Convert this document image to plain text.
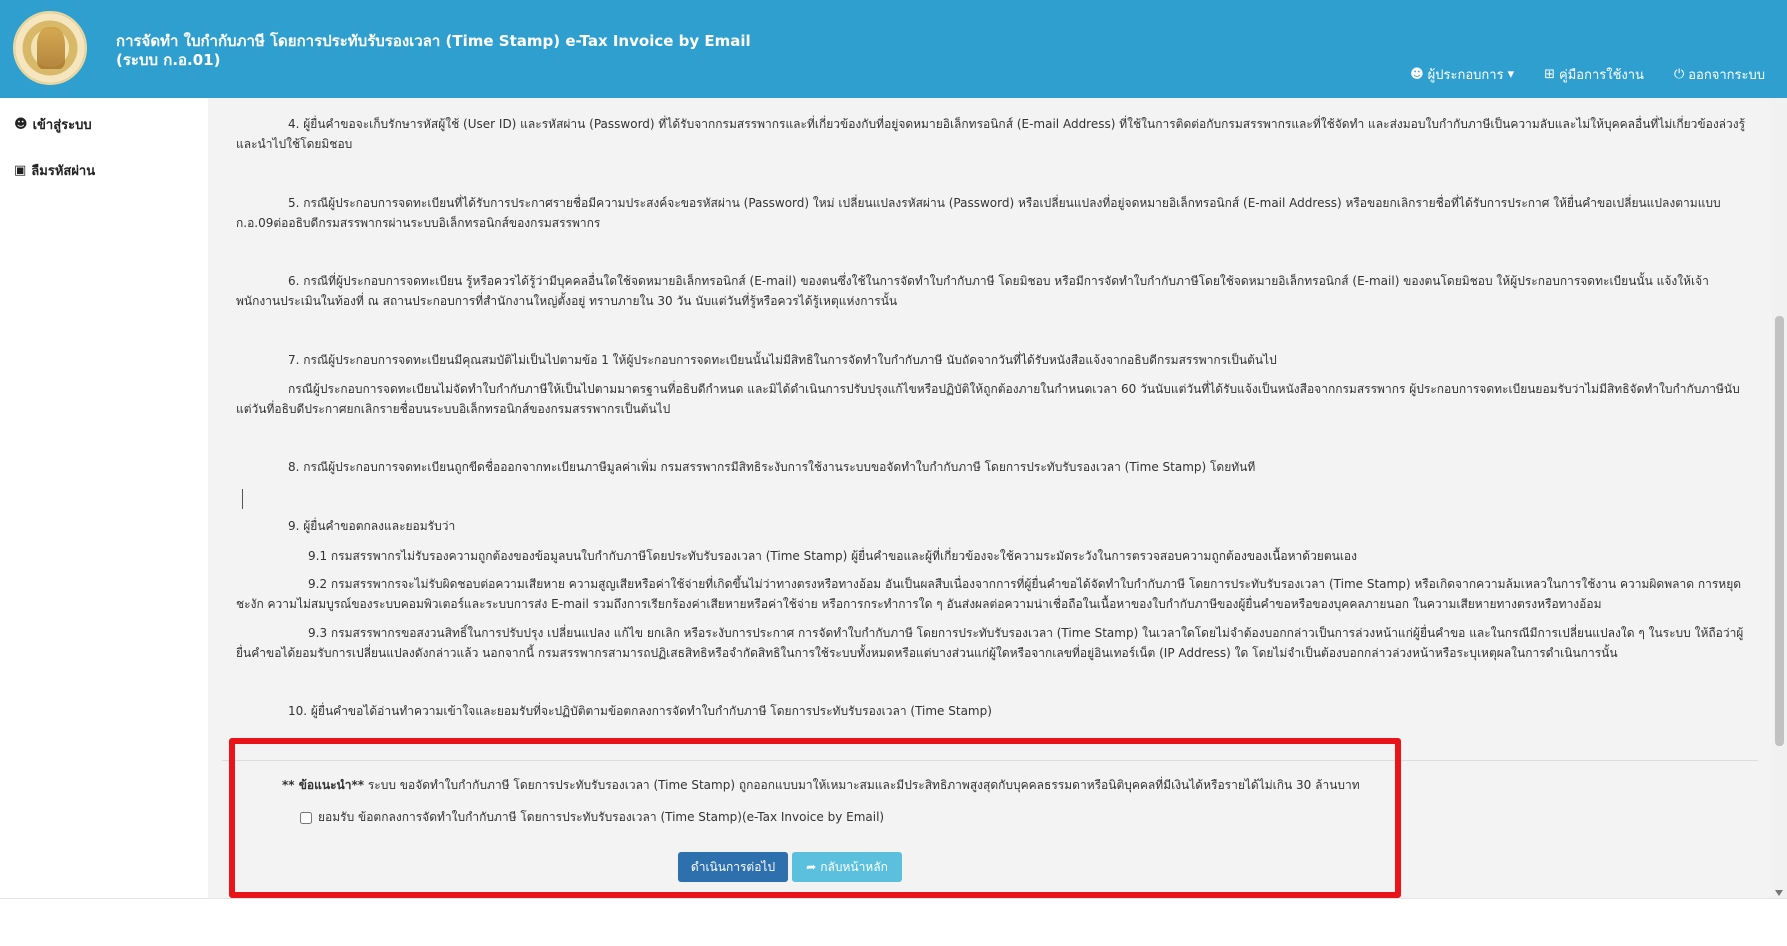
การจัดทำ ใบกำกับภาษี โดยการประทับรับรองเวลา (Time Stamp) e-Tax Invoice by Email
(ระบบ ก.อ.01)
☻ ผู้ประกอบการ ▾ ⊞ คู่มือการใช้งาน ⏻ ออกจากระบบ
☻ เข้าสู่ระบบ
▣ ลืมรหัสผ่าน
4. ผู้ยื่นคำขอจะเก็บรักษารหัสผู้ใช้ (User ID) และรหัสผ่าน (Password) ที่ได้รับจากกรมสรรพากรและที่เกี่ยวข้องกับที่อยู่จดหมายอิเล็กทรอนิกส์ (E-mail Address) ที่ใช้ในการติดต่อกับกรมสรรพากรและที่ใช้จัดทำ และส่งมอบใบกำกับภาษีเป็นความลับและไม่ให้บุคคลอื่นที่ไม่เกี่ยวข้องล่วงรู้และนำไปใช้โดยมิชอบ
5. กรณีผู้ประกอบการจดทะเบียนที่ได้รับการประกาศรายชื่อมีความประสงค์จะขอรหัสผ่าน (Password) ใหม่ เปลี่ยนแปลงรหัสผ่าน (Password) หรือเปลี่ยนแปลงที่อยู่จดหมายอิเล็กทรอนิกส์ (E-mail Address) หรือขอยกเลิกรายชื่อที่ได้รับการประกาศ ให้ยื่นคำขอเปลี่ยนแปลงตามแบบ ก.อ.09ต่ออธิบดีกรมสรรพากรผ่านระบบอิเล็กทรอนิกส์ของกรมสรรพากร
6. กรณีที่ผู้ประกอบการจดทะเบียน รู้หรือควรได้รู้ว่ามีบุคคลอื่นใดใช้จดหมายอิเล็กทรอนิกส์ (E-mail) ของตนซึ่งใช้ในการจัดทำใบกำกับภาษี โดยมิชอบ หรือมีการจัดทำใบกำกับภาษีโดยใช้จดหมายอิเล็กทรอนิกส์ (E-mail) ของตนโดยมิชอบ ให้ผู้ประกอบการจดทะเบียนนั้น แจ้งให้เจ้าพนักงานประเมินในท้องที่ ณ สถานประกอบการที่สำนักงานใหญ่ตั้งอยู่ ทราบภายใน 30 วัน นับแต่วันที่รู้หรือควรได้รู้เหตุแห่งการนั้น
7. กรณีผู้ประกอบการจดทะเบียนมีคุณสมบัติไม่เป็นไปตามข้อ 1 ให้ผู้ประกอบการจดทะเบียนนั้นไม่มีสิทธิในการจัดทำใบกำกับภาษี นับถัดจากวันที่ได้รับหนังสือแจ้งจากอธิบดีกรมสรรพากรเป็นต้นไป
กรณีผู้ประกอบการจดทะเบียนไม่จัดทำใบกำกับภาษีให้เป็นไปตามมาตรฐานที่อธิบดีกำหนด และมิได้ดำเนินการปรับปรุงแก้ไขหรือปฏิบัติให้ถูกต้องภายในกำหนดเวลา 60 วันนับแต่วันที่ได้รับแจ้งเป็นหนังสือจากกรมสรรพากร ผู้ประกอบการจดทะเบียนยอมรับว่าไม่มีสิทธิจัดทำใบกำกับภาษีนับแต่วันที่อธิบดีประกาศยกเลิกรายชื่อบนระบบอิเล็กทรอนิกส์ของกรมสรรพากรเป็นต้นไป
8. กรณีผู้ประกอบการจดทะเบียนถูกขีดชื่อออกจากทะเบียนภาษีมูลค่าเพิ่ม กรมสรรพากรมีสิทธิระงับการใช้งานระบบขอจัดทำใบกำกับภาษี โดยการประทับรับรองเวลา (Time Stamp) โดยทันที
9. ผู้ยื่นคำขอตกลงและยอมรับว่า
9.1 กรมสรรพากรไม่รับรองความถูกต้องของข้อมูลบนใบกำกับภาษีโดยประทับรับรองเวลา (Time Stamp) ผู้ยื่นคำขอและผู้ที่เกี่ยวข้องจะใช้ความระมัดระวังในการตรวจสอบความถูกต้องของเนื้อหาด้วยตนเอง
9.2 กรมสรรพากรจะไม่รับผิดชอบต่อความเสียหาย ความสูญเสียหรือค่าใช้จ่ายที่เกิดขึ้นไม่ว่าทางตรงหรือทางอ้อม อันเป็นผลสืบเนื่องจากการที่ผู้ยื่นคำขอได้จัดทำใบกำกับภาษี โดยการประทับรับรองเวลา (Time Stamp) หรือเกิดจากความล้มเหลวในการใช้งาน ความผิดพลาด การหยุดชะงัก ความไม่สมบูรณ์ของระบบคอมพิวเตอร์และระบบการส่ง E-mail รวมถึงการเรียกร้องค่าเสียหายหรือค่าใช้จ่าย หรือการกระทำการใด ๆ อันส่งผลต่อความน่าเชื่อถือในเนื้อหาของใบกำกับภาษีของผู้ยื่นคำขอหรือของบุคคลภายนอก ในความเสียหายทางตรงหรือทางอ้อม
9.3 กรมสรรพากรขอสงวนสิทธิ์ในการปรับปรุง เปลี่ยนแปลง แก้ไข ยกเลิก หรือระงับการประกาศ การจัดทำใบกำกับภาษี โดยการประทับรับรองเวลา (Time Stamp) ในเวลาใดโดยไม่จำต้องบอกกล่าวเป็นการล่วงหน้าแก่ผู้ยื่นคำขอ และในกรณีมีการเปลี่ยนแปลงใด ๆ ในระบบ ให้ถือว่าผู้ยื่นคำขอได้ยอมรับการเปลี่ยนแปลงดังกล่าวแล้ว นอกจากนี้ กรมสรรพากรสามารถปฏิเสธสิทธิหรือจำกัดสิทธิในการใช้ระบบทั้งหมดหรือแต่บางส่วนแก่ผู้ใดหรือจากเลขที่อยู่อินเทอร์เน็ต (IP Address) ใด โดยไม่จำเป็นต้องบอกกล่าวล่วงหน้าหรือระบุเหตุผลในการดำเนินการนั้น
10. ผู้ยื่นคำขอได้อ่านทำความเข้าใจและยอมรับที่จะปฏิบัติตามข้อตกลงการจัดทำใบกำกับภาษี โดยการประทับรับรองเวลา (Time Stamp)
** ข้อแนะนำ** ระบบ ขอจัดทำใบกำกับภาษี โดยการประทับรับรองเวลา (Time Stamp) ถูกออกแบบมาให้เหมาะสมและมีประสิทธิภาพสูงสุดกับบุคคลธรรมดาหรือนิติบุคคลที่มีเงินได้หรือรายได้ไม่เกิน 30 ล้านบาท
ยอมรับ ข้อตกลงการจัดทำใบกำกับภาษี โดยการประทับรับรองเวลา (Time Stamp)(e-Tax Invoice by Email)
ดำเนินการต่อไป	➦ กลับหน้าหลัก
